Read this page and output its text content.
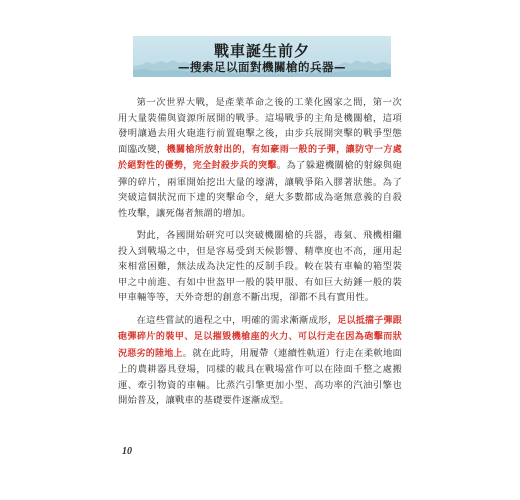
戰車誕生前夕
—搜索足以面對機關槍的兵器—

第一次世界大戰，是產業革命之後的工業化國家之間，第一次用大量裝備與資源所展開的戰爭。這場戰爭的主角是機關槍，這項發明讓過去用火砲進行前置砲擊之後，由步兵展開突擊的戰爭型態面臨改變，機關槍所放射出的，有如豪雨一般的子彈，讓防守一方處於絕對性的優勢，完全封殺步兵的突擊。為了躲避機關槍的射線與砲彈的碎片，兩軍開始挖出大量的壕溝，讓戰爭陷入膠著狀態。為了突破這個狀況而下達的突擊命令，絕大多數都成為毫無意義的自殺性攻擊，讓死傷者無謂的增加。

對此，各國開始研究可以突破機關槍的兵器，毒氣、飛機相繼投入到戰場之中，但是容易受到天候影響、精準度也不高，運用起來相當困難，無法成為決定性的反制手段。較在裝有車輪的箱型裝甲之中前進、有如中世盔甲一般的裝甲服、有如巨大紡錘一般的裝甲車輛等等，天外奇想的創意不斷出現，卻都不具有實用性。

在這些嘗試的過程之中，明確的需求漸漸成形，足以抵擋子彈跟砲彈碎片的裝甲、足以摧毀機槍座的火力、可以行走在因為砲擊而狀況惡劣的陸地上。就在此時，用履帶（連續性軌道）行走在柔軟地面上的農耕器具登場，同樣的載具在戰場當作可以在陸面千整之處搬運、牽引物資的車輛。比蒸汽引擎更加小型、高功率的汽油引擎也開始普及，讓戰車的基礎要件逐漸成型。

10
